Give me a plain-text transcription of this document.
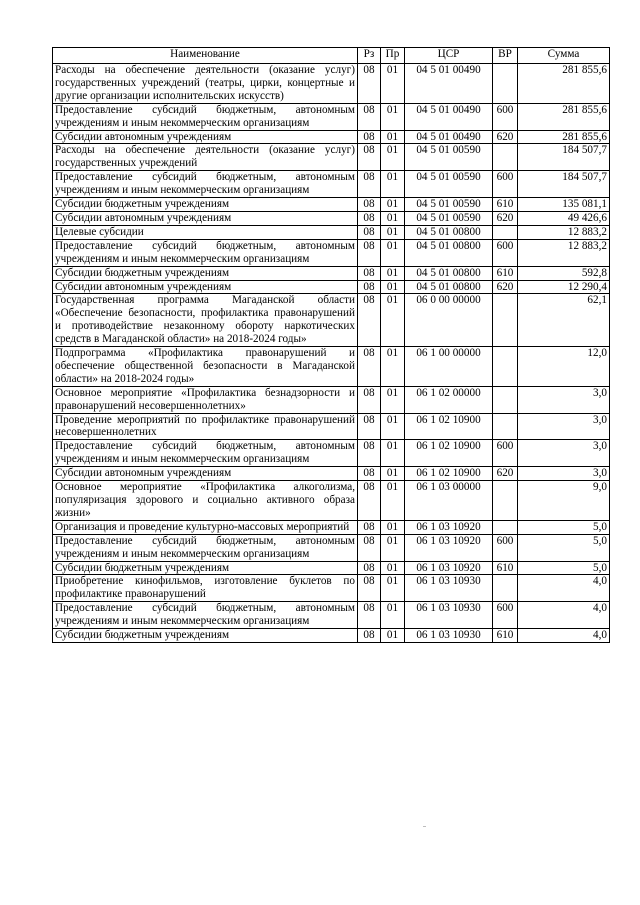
Наименование	Рз	Пр	ЦСР	ВР	Сумма
Расходы на обеспечение деятельности (оказание услуг) государственных учреждений (театры, цирки, концертные и другие организации исполнительских искусств)	08	01	04 5 01 00490		281 855,6
Предоставление субсидий бюджетным, автономным учреждениям и иным некоммерческим организациям	08	01	04 5 01 00490	600	281 855,6
Субсидии автономным учреждениям	08	01	04 5 01 00490	620	281 855,6
Расходы на обеспечение деятельности (оказание услуг) государственных учреждений	08	01	04 5 01 00590		184 507,7
Предоставление субсидий бюджетным, автономным учреждениям и иным некоммерческим организациям	08	01	04 5 01 00590	600	184 507,7
Субсидии бюджетным учреждениям	08	01	04 5 01 00590	610	135 081,1
Субсидии автономным учреждениям	08	01	04 5 01 00590	620	49 426,6
Целевые субсидии	08	01	04 5 01 00800		12 883,2
Предоставление субсидий бюджетным, автономным учреждениям и иным некоммерческим организациям	08	01	04 5 01 00800	600	12 883,2
Субсидии бюджетным учреждениям	08	01	04 5 01 00800	610	592,8
Субсидии автономным учреждениям	08	01	04 5 01 00800	620	12 290,4
Государственная программа Магаданской области «Обеспечение безопасности, профилактика правонарушений и противодействие незаконному обороту наркотических средств в Магаданской области» на 2018-2024 годы»	08	01	06 0 00 00000		62,1
Подпрограмма «Профилактика правонарушений и обеспечение общественной безопасности в Магаданской области» на 2018-2024 годы»	08	01	06 1 00 00000		12,0
Основное мероприятие «Профилактика безнадзорности и правонарушений несовершеннолетних»	08	01	06 1 02 00000		3,0
Проведение мероприятий по профилактике правонарушений несовершеннолетних	08	01	06 1 02 10900		3,0
Предоставление субсидий бюджетным, автономным учреждениям и иным некоммерческим организациям	08	01	06 1 02 10900	600	3,0
Субсидии автономным учреждениям	08	01	06 1 02 10900	620	3,0
Основное мероприятие «Профилактика алкоголизма, популяризация здорового и социально активного образа жизни»	08	01	06 1 03 00000		9,0
Организация и проведение культурно-массовых мероприятий	08	01	06 1 03 10920		5,0
Предоставление субсидий бюджетным, автономным учреждениям и иным некоммерческим организациям	08	01	06 1 03 10920	600	5,0
Субсидии бюджетным учреждениям	08	01	06 1 03 10920	610	5,0
Приобретение кинофильмов, изготовление буклетов по профилактике правонарушений	08	01	06 1 03 10930		4,0
Предоставление субсидий бюджетным, автономным учреждениям и иным некоммерческим организациям	08	01	06 1 03 10930	600	4,0
Субсидии бюджетным учреждениям	08	01	06 1 03 10930	610	4,0
